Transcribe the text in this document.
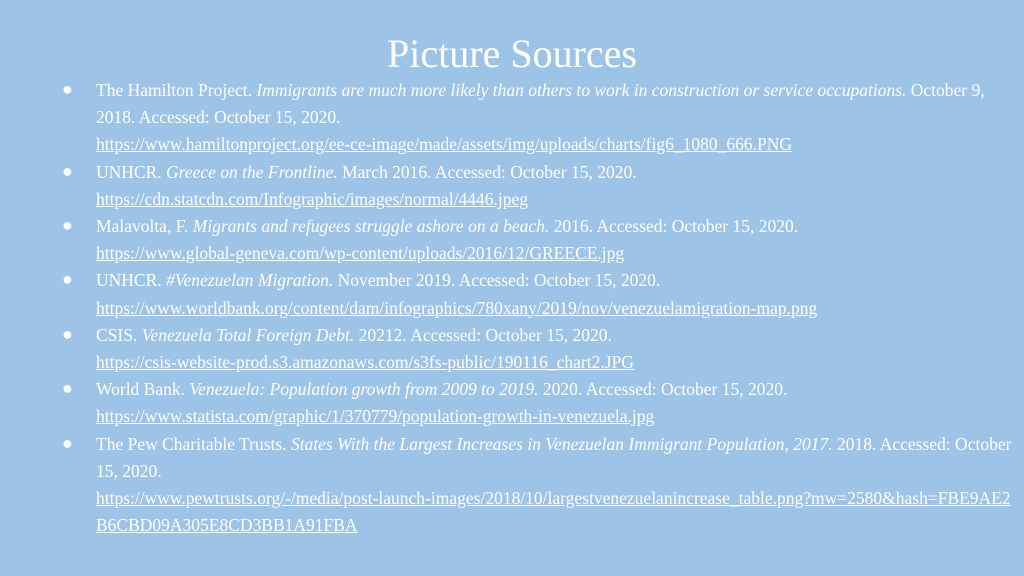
Picture Sources
● The Hamilton Project. Immigrants are much more likely than others to work in construction or service occupations. October 9, 2018. Accessed: October 15, 2020.
https://www.hamiltonproject.org/ee-ce-image/made/assets/img/uploads/charts/fig6_1080_666.PNG
● UNHCR. Greece on the Frontline. March 2016. Accessed: October 15, 2020.
https://cdn.statcdn.com/Infographic/images/normal/4446.jpeg
● Malavolta, F. Migrants and refugees struggle ashore on a beach. 2016. Accessed: October 15, 2020.
https://www.global-geneva.com/wp-content/uploads/2016/12/GREECE.jpg
● UNHCR. #Venezuelan Migration. November 2019. Accessed: October 15, 2020.
https://www.worldbank.org/content/dam/infographics/780xany/2019/nov/venezuelamigration-map.png
● CSIS. Venezuela Total Foreign Debt. 20212. Accessed: October 15, 2020.
https://csis-website-prod.s3.amazonaws.com/s3fs-public/190116_chart2.JPG
● World Bank. Venezuela: Population growth from 2009 to 2019. 2020. Accessed: October 15, 2020.
https://www.statista.com/graphic/1/370779/population-growth-in-venezuela.jpg
● The Pew Charitable Trusts. States With the Largest Increases in Venezuelan Immigrant Population, 2017. 2018. Accessed: October 15, 2020.
https://www.pewtrusts.org/-/media/post-launch-images/2018/10/largestvenezuelanincrease_table.png?mw=2580&hash=FBE9AE2B6CBD09A305E8CD3BB1A91FBA
